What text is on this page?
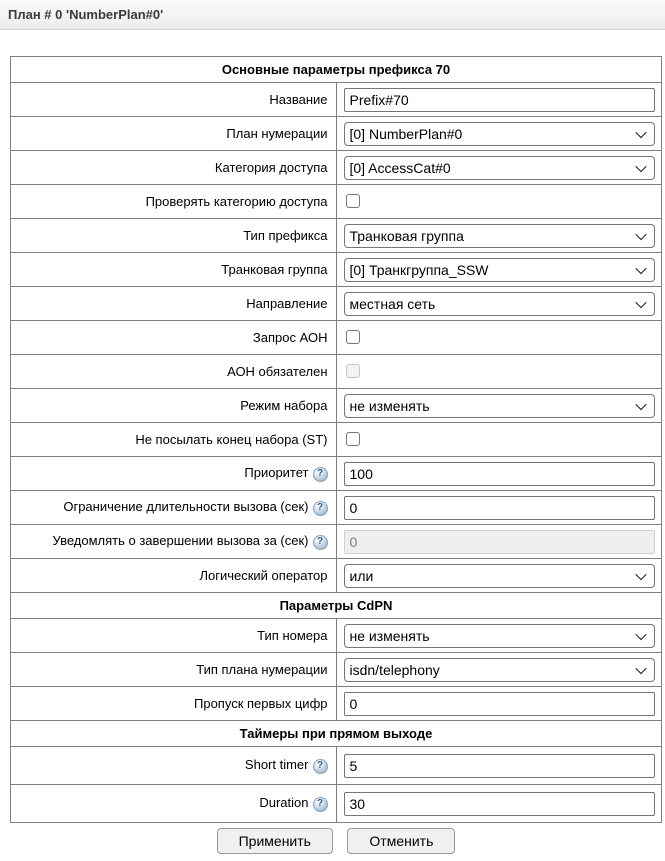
План # 0 'NumberPlan#0'
Основные параметры префикса 70	
Название	Prefix#70
План нумерации	[0] NumberPlan#0

Категория доступа	[0] AccessCat#0

Проверять категорию доступа	
Тип префикса	Транковая группа

Транковая группа	[0] Транкгруппа_SSW

Направление	местная сеть

Запрос АОН	
АОН обязателен	
Режим набора	не изменять

Не посылать конец набора (ST)	
Приоритет ?	100
Ограничение длительности вызова (сек) ?	0
Уведомлять о завершении вызова за (сек) ?	0
Логический оператор	или

Параметры CdPN	
Тип номера	не изменять

Тип плана нумерации	isdn/telephony

Пропуск первых цифр	0
Таймеры при прямом выходе	
Short timer ?	5
Duration ?	30
Применить	Отменить
